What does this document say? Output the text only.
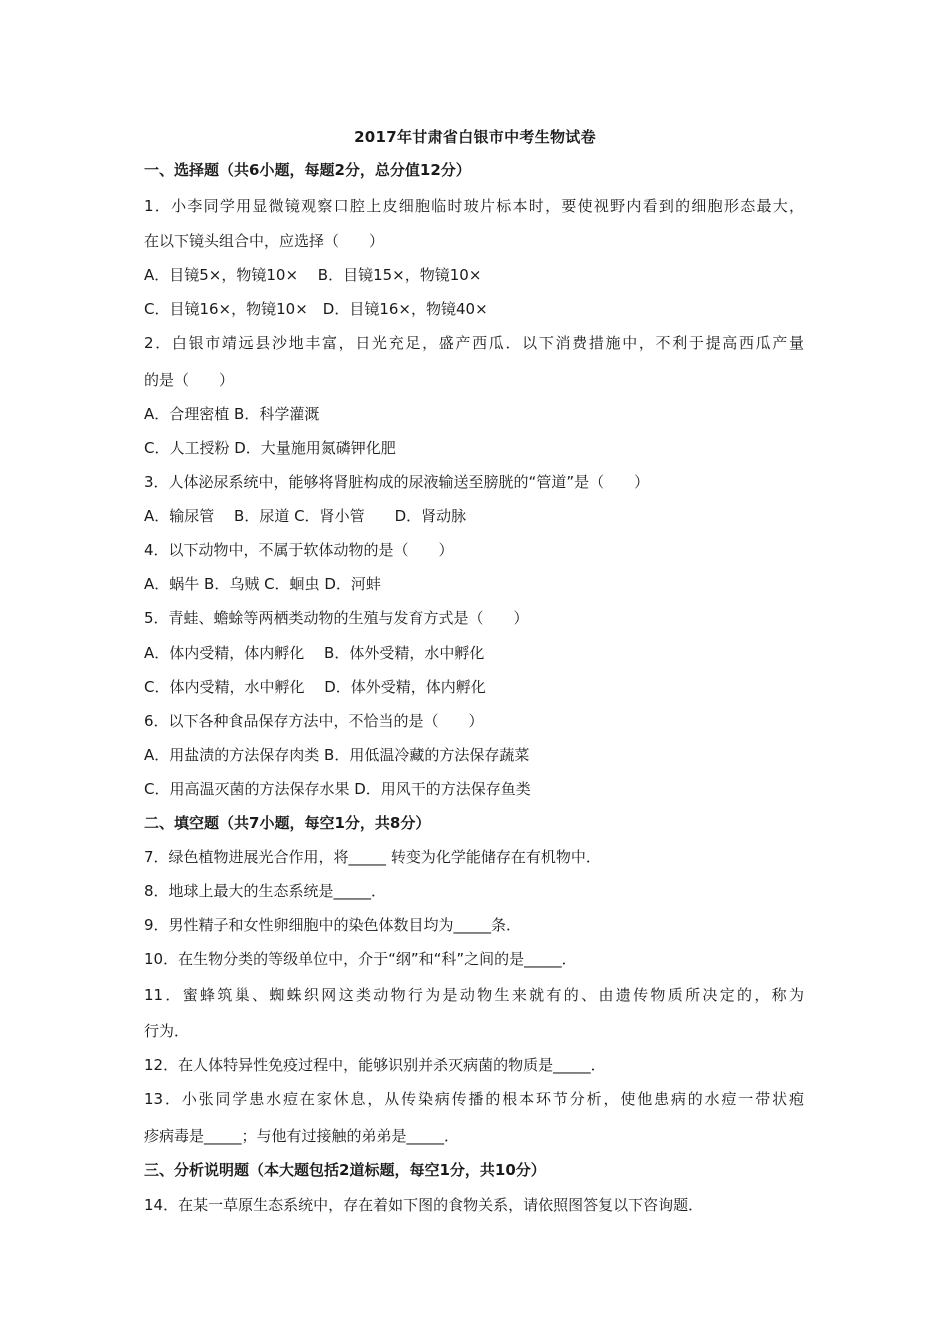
2017年甘肃省白银市中考生物试卷
一、选择题（共6小题，每题2分，总分值12分）
1．小李同学用显微镜观察口腔上皮细胞临时玻片标本时，要使视野内看到的细胞形态最大，
在以下镜头组合中，应选择（　　）
A．目镜5×，物镜10×　 B．目镜15×，物镜10×
C．目镜16×，物镜10×　D．目镜16×，物镜40×
2．白银市靖远县沙地丰富，日光充足，盛产西瓜．以下消费措施中，不利于提高西瓜产量
的是（　　）
A．合理密植 B．科学灌溉
C．人工授粉 D．大量施用氮磷钾化肥
3．人体泌尿系统中，能够将肾脏构成的尿液输送至膀胱的“管道”是（　　）
A．输尿管　 B．尿道 C．肾小管　　D．肾动脉
4．以下动物中，不属于软体动物的是（　　）
A．蜗牛 B．乌贼 C．蛔虫 D．河蚌
5．青蛙、蟾蜍等两栖类动物的生殖与发育方式是（　　）
A．体内受精，体内孵化　 B．体外受精，水中孵化
C．体内受精，水中孵化　 D．体外受精，体内孵化
6．以下各种食品保存方法中，不恰当的是（　　）
A．用盐渍的方法保存肉类 B．用低温冷藏的方法保存蔬菜
C．用高温灭菌的方法保存水果 D．用风干的方法保存鱼类
二、填空题（共7小题，每空1分，共8分）
7．绿色植物进展光合作用，将_____ 转变为化学能储存在有机物中．
8．地球上最大的生态系统是_____．
9．男性精子和女性卵细胞中的染色体数目均为_____条．
10．在生物分类的等级单位中，介于“纲”和“科”之间的是_____．
11．蜜蜂筑巢、蜘蛛织网这类动物行为是动物生来就有的、由遗传物质所决定的，称为
行为．
12．在人体特异性免疫过程中，能够识别并杀灭病菌的物质是_____．
13．小张同学患水痘在家休息，从传染病传播的根本环节分析，使他患病的水痘一带状疱
疹病毒是_____；与他有过接触的弟弟是_____．
三、分析说明题（本大题包括2道标题，每空1分，共10分）
14．在某一草原生态系统中，存在着如下图的食物关系，请依照图答复以下咨询题．
